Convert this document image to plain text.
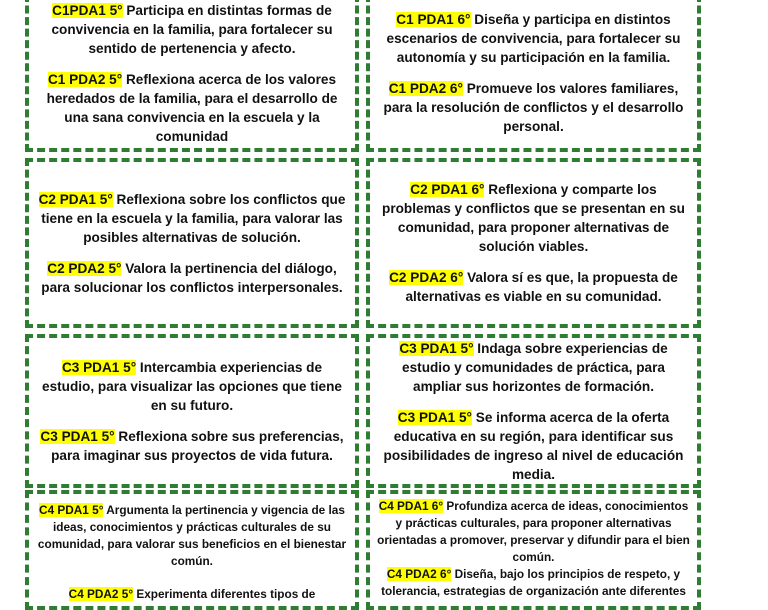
C1PDA1 5° Participa en distintas formas de convivencia en la familia, para fortalecer su sentido de pertenencia y afecto.

C1 PDA2 5° Reflexiona acerca de los valores heredados de la familia, para el desarrollo de una sana convivencia en la escuela y la comunidad

C1 PDA1 6° Diseña y participa en distintos escenarios de convivencia, para fortalecer su autonomía y su participación en la familia.

C1 PDA2 6° Promueve los valores familiares, para la resolución de conflictos y el desarrollo personal.

C2 PDA1 5° Reflexiona sobre los conflictos que tiene en la escuela y la familia, para valorar las posibles alternativas de solución.

C2 PDA2 5° Valora la pertinencia del diálogo, para solucionar los conflictos interpersonales.

C2 PDA1 6° Reflexiona y comparte los problemas y conflictos que se presentan en su comunidad, para proponer alternativas de solución viables.

C2 PDA2 6° Valora sí es que, la propuesta de alternativas es viable en su comunidad.

C3 PDA1 5° Intercambia experiencias de estudio, para visualizar las opciones que tiene en su futuro.

C3 PDA1 5° Reflexiona sobre sus preferencias, para imaginar sus proyectos de vida futura.

C3 PDA1 5° Indaga sobre experiencias de estudio y comunidades de práctica, para ampliar sus horizontes de formación.

C3 PDA1 5° Se informa acerca de la oferta educativa en su región, para identificar sus posibilidades de ingreso al nivel de educación media.

C4 PDA1 5° Argumenta la pertinencia y vigencia de las ideas, conocimientos y prácticas culturales de su comunidad, para valorar sus beneficios en el bienestar común.

C4 PDA2 5° Experimenta diferentes tipos de

C4 PDA1 6° Profundiza acerca de ideas, conocimientos y prácticas culturales, para proponer alternativas orientadas a promover, preservar y difundir para el bien común.

C4 PDA2 6° Diseña, bajo los principios de respeto, y tolerancia, estrategias de organización ante diferentes
